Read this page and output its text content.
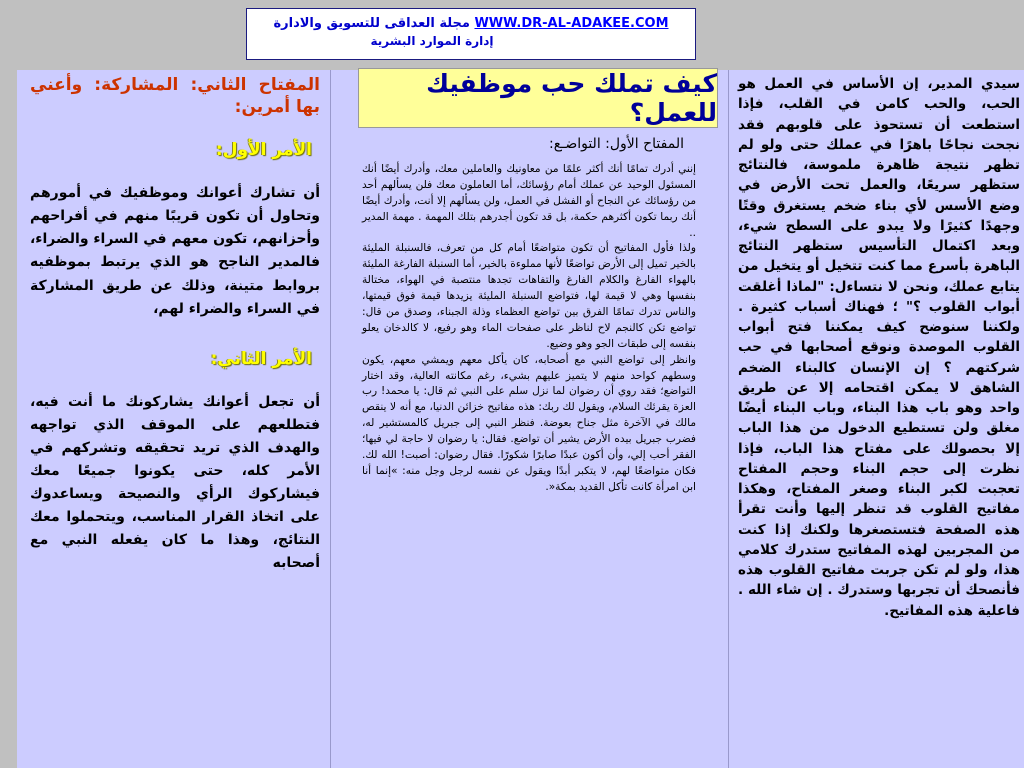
WWW.DR-AL-ADAKEE.COM مجلة العداقى للتسويق والادارة
إدارة الموارد البشرية
كيف تملك حب موظفيك للعمل؟

سيدي المدير، إن الأساس في العمل هو الحب، والحب كامن في القلب، فإذا استطعت أن تستحوذ على قلوبهم فقد نجحت نجاحًا باهرًا في عملك حتى ولو لم تظهر نتيجة ظاهرة ملموسة، فالنتائج ستظهر سريعًا، والعمل تحت الأرض في وضع الأسس لأي بناء ضخم يستغرق وقتًا وجهدًا كثيرًا ولا يبدو على السطح شيء، وبعد اكتمال التأسيس ستظهر النتائج الباهرة بأسرع مما كنت تتخيل أو يتخيل من يتابع عملك، ونحن لا نتساءل: "لماذا أغلقت أبواب القلوب ؟" ؛ فهناك أسباب كثيرة . ولكننا سنوضح كيف يمكننا فتح أبواب القلوب الموصدة ونوقع أصحابها في حب شركتهم ؟ إن الإنسان كالبناء الضخم الشاهق لا يمكن اقتحامه إلا عن طريق واحد وهو باب هذا البناء، وباب البناء أيضًا مغلق ولن تستطيع الدخول من هذا الباب إلا بحصولك على مفتاح هذا الباب، فإذا نظرت إلى حجم البناء وحجم المفتاح تعجبت لكبر البناء وصغر المفتاح، وهكذا مفاتيح القلوب قد تنظر إليها وأنت تقرأ هذه الصفحة فتستصغرها ولكنك إذا كنت من المجربين لهذه المفاتيح ستدرك كلامي هذا، ولو لم تكن جربت مفاتيح القلوب هذه فأنصحك أن تجربها وستدرك . إن شاء الله . فاعلية هذه المفاتيح.

المفتاح الأول: التواضـع:

إنني أدرك تمامًا أنك أكثر علمًا من معاونيك والعاملين معك، وأدرك أيضًا أنك المسئول الوحيد عن عملك أمام رؤسائك، أما العاملون معك فلن يسألهم أحد من رؤسائك عن النجاح أو الفشل في العمل، ولن يسألهم إلا أنت، وأدرك أيضًا أنك ربما تكون أكثرهم حكمة، بل قد تكون أجدرهم بتلك المهمة . مهمة المدير ..

ولذا فأول المفاتيح أن تكون متواضعًا أمام كل من تعرف، فالسنبلة المليئة بالخير تميل إلى الأرض تواضعًا لأنها مملوءة بالخير، أما السنبلة الفارغة المليئة بالهواء الفارغ والكلام الفارغ والتفاهات تجدها منتصبة في الهواء، مختالة بنفسها وهي لا قيمة لها، فتواضع السنبلة المليئة يزيدها قيمة فوق قيمتها، والناس تدرك تمامًا الفرق بين تواضع العظماء وذلة الجبناء، وصدق من قال: تواضع تكن كالنجم لاح لناظر على صفحات الماء وهو رفيع، لا كالدخان يعلو بنفسه إلى طبقات الجو وهو وضيع.

وانظر إلى تواضع النبي مع أصحابه، كان يأكل معهم ويمشي معهم، يكون وسطهم كواحد منهم لا يتميز عليهم بشيء، رغم مكانته العالية، وقد اختار التواضع؛ فقد روي أن رضوان لما نزل سلم على النبي ثم قال: يا محمد! رب العزة يقرئك السلام، ويقول لك ربك: هذه مفاتيح خزائن الدنيا، مع أنه لا ينقص مالك في الآخرة مثل جناح بعوضة. فنظر النبي إلى جبريل كالمستشير له، فضرب جبريل بيده الأرض يشير أن تواضع. فقال: يا رضوان لا حاجة لي فيها؛ الفقر أحب إلي، وأن أكون عبدًا صابرًا شكورًا. فقال رضوان: أصبت! الله لك. فكان متواضعًا لهم، لا يتكبر أبدًا ويقول عن نفسه لرجل وجل منه: »إنما أنا ابن امرأة كانت تأكل القديد بمكة«.

المفتاح الثاني: المشاركة: وأعني بها أمرين:

الأمر الأول:

أن تشارك أعوانك وموظفيك في أمورهم وتحاول أن تكون قريبًا منهم في أفراحهم وأحزانهم، تكون معهم في السراء والضراء، فالمدير الناجح هو الذي يرتبط بموظفيه بروابط متينة، وذلك عن طريق المشاركة في السراء والضراء لهم،

الأمر الثاني:

أن تجعل أعوانك يشاركونك ما أنت فيه، فتطلعهم على الموقف الذي تواجهه والهدف الذي تريد تحقيقه وتشركهم في الأمر كله، حتى يكونوا جميعًا معك فيشاركوك الرأي والنصيحة ويساعدوك على اتخاذ القرار المناسب، ويتحملوا معك النتائج، وهذا ما كان يفعله النبي مع أصحابه
